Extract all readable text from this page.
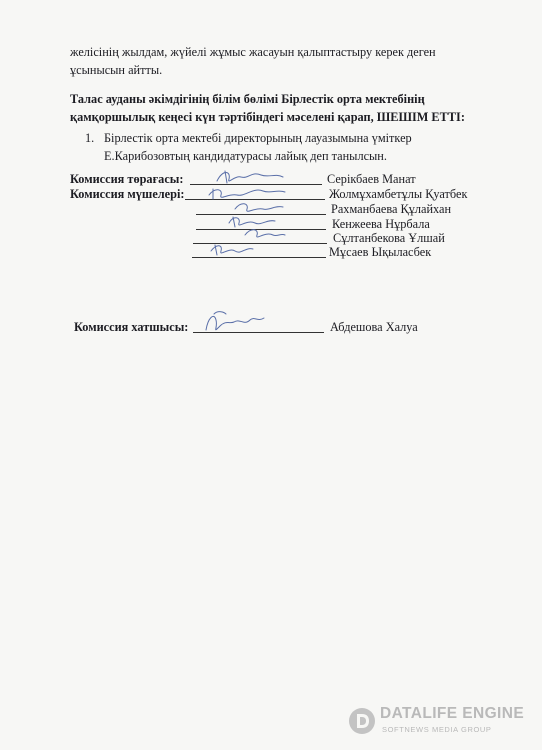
желісінің жылдам, жүйелі жұмыс жасауын қалыптастыру керек деген
ұсынысын айтты.
Талас ауданы әкімдігінің білім бөлімі Бірлестік орта мектебінің
қамқоршылық кеңесі күн тәртібіндегі мәселені қарап, ШЕШІМ ЕТТІ:
1. Бірлестік орта мектебі директорының лауазымына үміткер
Е.Карибозовтың кандидатурасы лайық деп танылсын.
Комиссия төрағасы:	Серікбаев Манат
Комиссия мүшелері:	Жолмұхамбетұлы Қуатбек
Рахманбаева Құлайхан
Кенжеева Нұрбала
Сұлтанбекова Ұлшай
Мұсаев Ықыласбек
Комиссия хатшысы:	Абдешова Халуа
DATALIFE ENGINE
SOFTNEWS MEDIA GROUP
